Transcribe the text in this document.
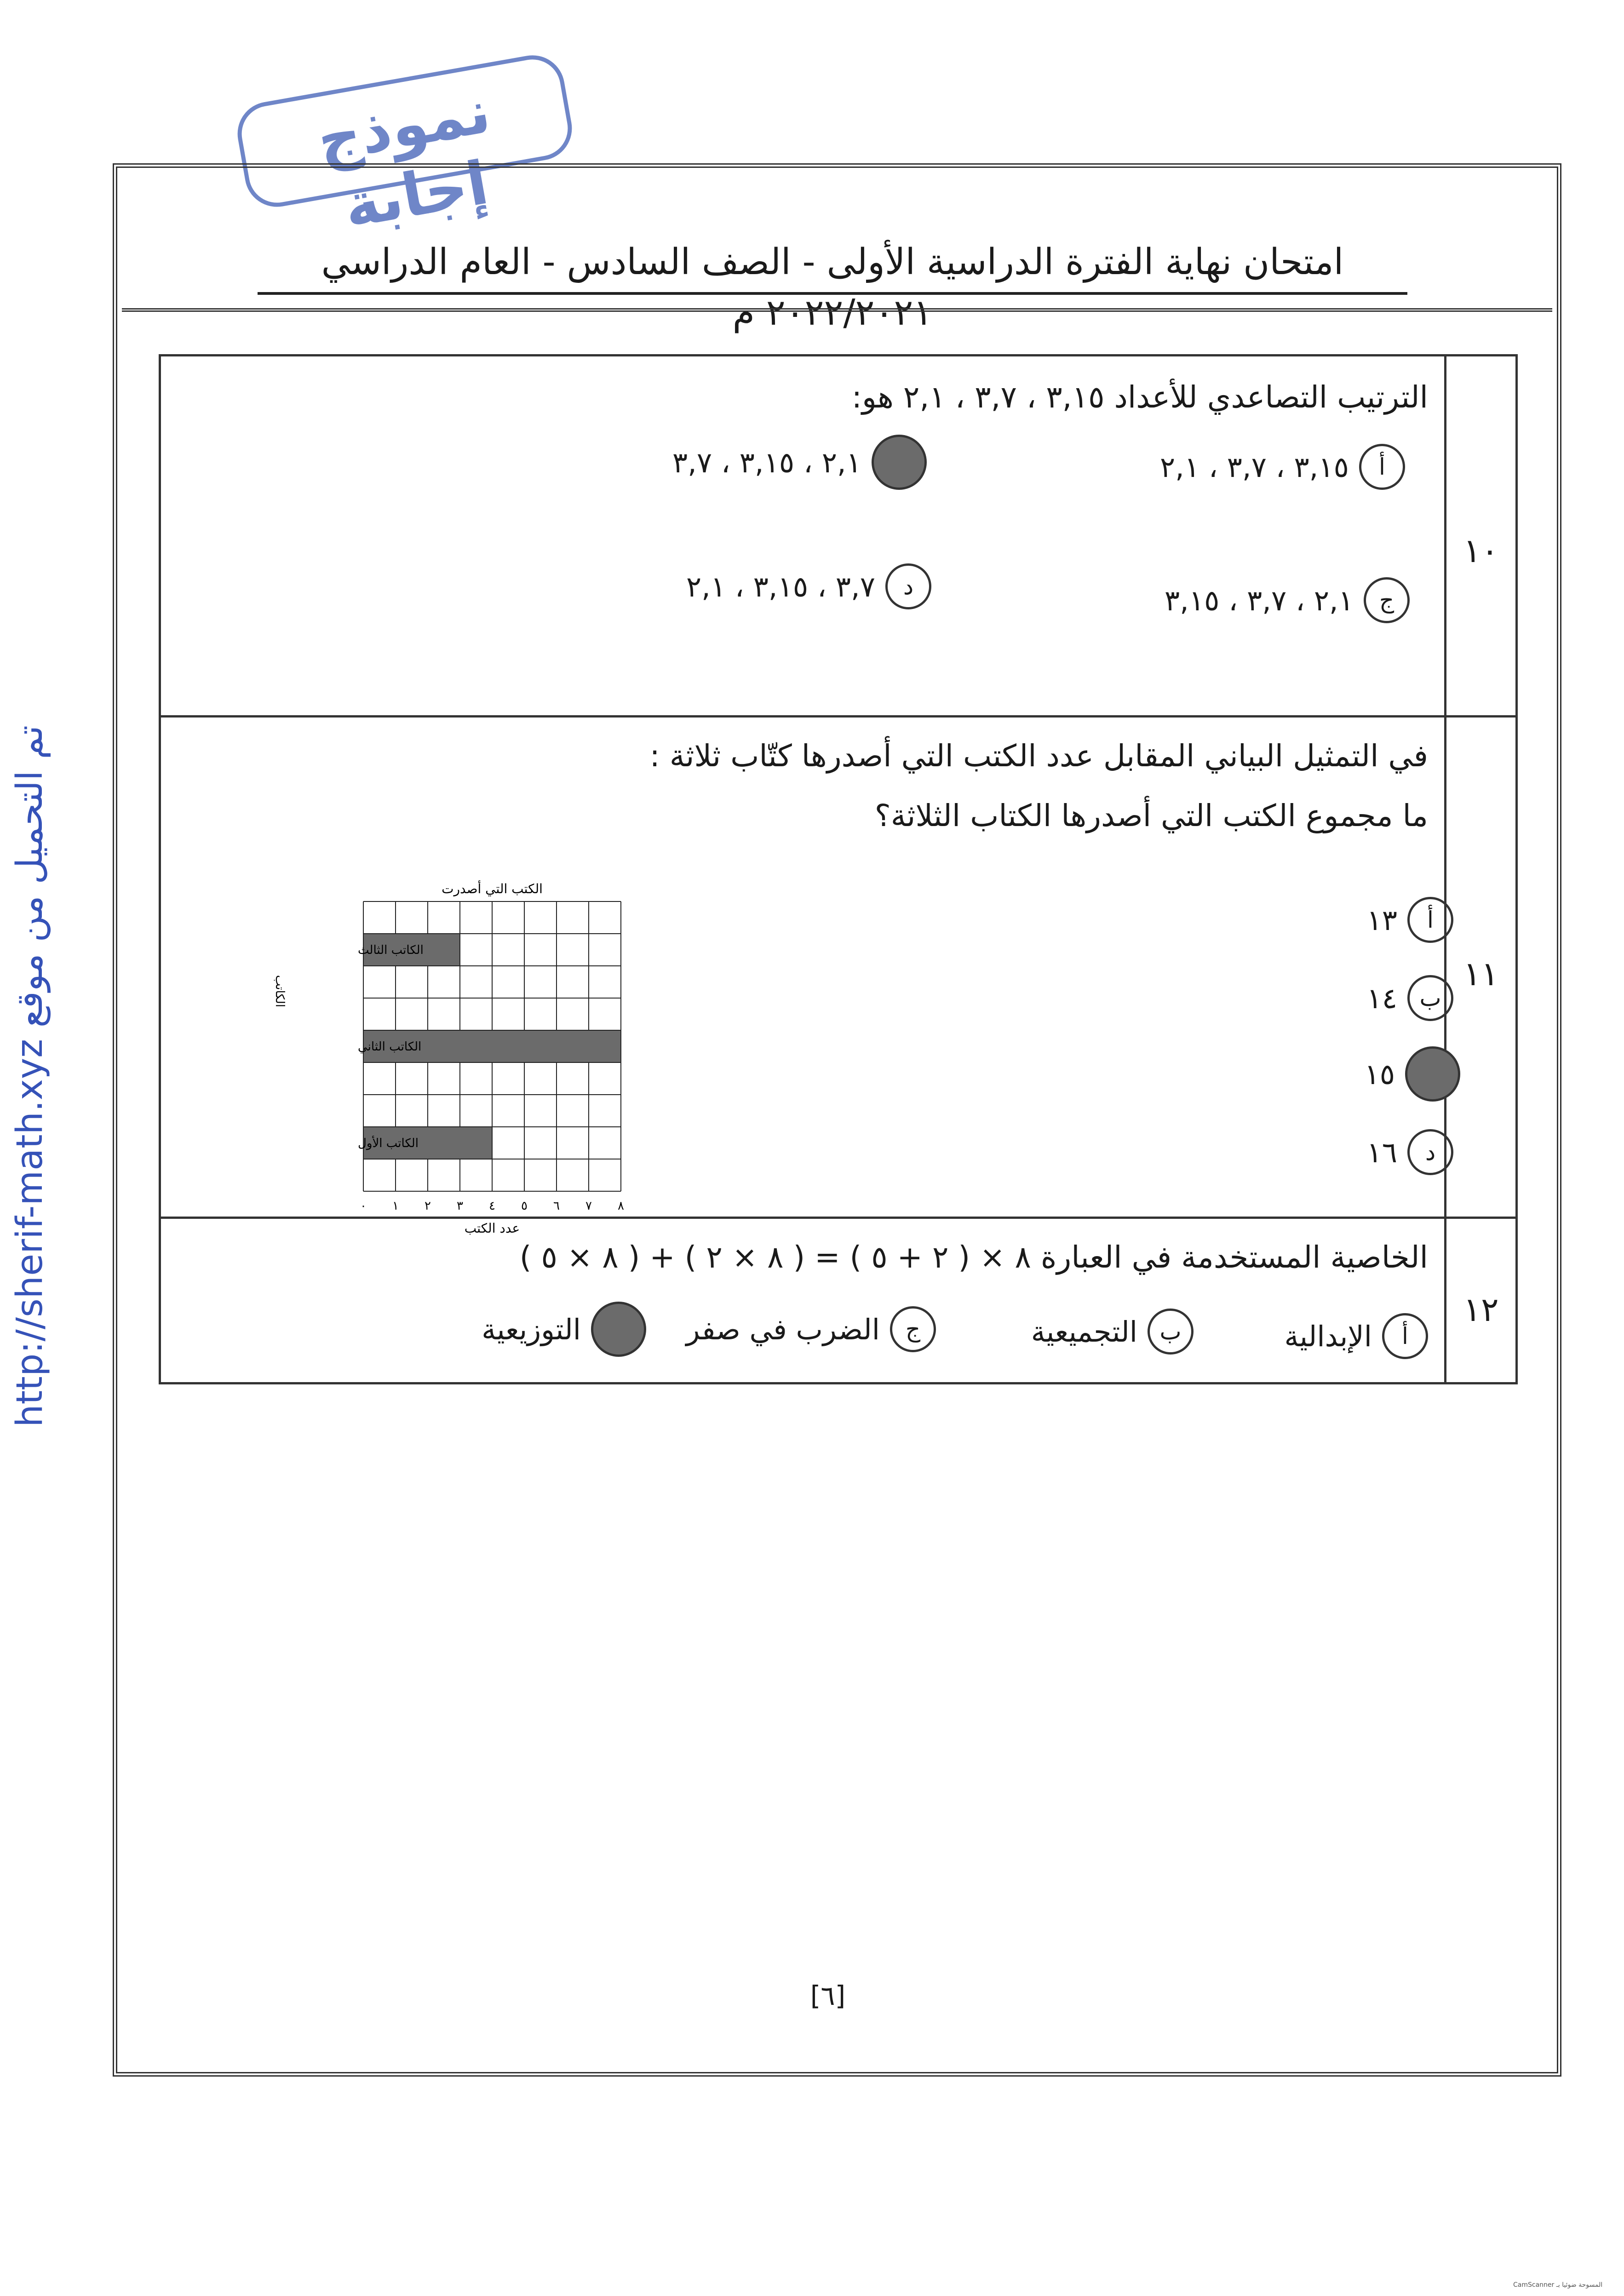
نموذج إجابة
تم التحميل من موقع http://sherif-math.xyz
امتحان نهاية الفترة الدراسية الأولى - الصف السادس - العام الدراسي ٢٠٢٢/٢٠٢١ م
١٠
الترتيب التصاعدي للأعداد ٣,١٥ ، ٣,٧ ، ٢,١ هو:
أ
٣,١٥ ، ٣,٧ ، ٢,١
٢,١ ، ٣,١٥ ، ٣,٧
ج
٢,١ ، ٣,٧ ، ٣,١٥
د
٣,٧ ، ٣,١٥ ، ٢,١
١١
في التمثيل البياني المقابل عدد الكتب التي أصدرها كتّاب ثلاثة :
ما مجموع الكتب التي أصدرها الكتاب الثلاثة؟
أ
١٣
ب
١٤
١٥
د
١٦
١٢
الخاصية المستخدمة في العبارة ٨ × ( ٢ + ٥ ) = ( ٨ × ٢ ) + ( ٨ × ٥ )
أ
الإبدالية
ب
التجميعية
ج
الضرب في صفر
التوزيعية
الكاتب الثالث
الكاتب الثاني
الكاتب الأول
٠ ١ ٢ ٣ ٤ ٥ ٦ ٧ ٨
الكتب التي أصدرت
عدد الكتب
الكاتب
[٦]
CamScanner المسوحة ضوئيا بـ
